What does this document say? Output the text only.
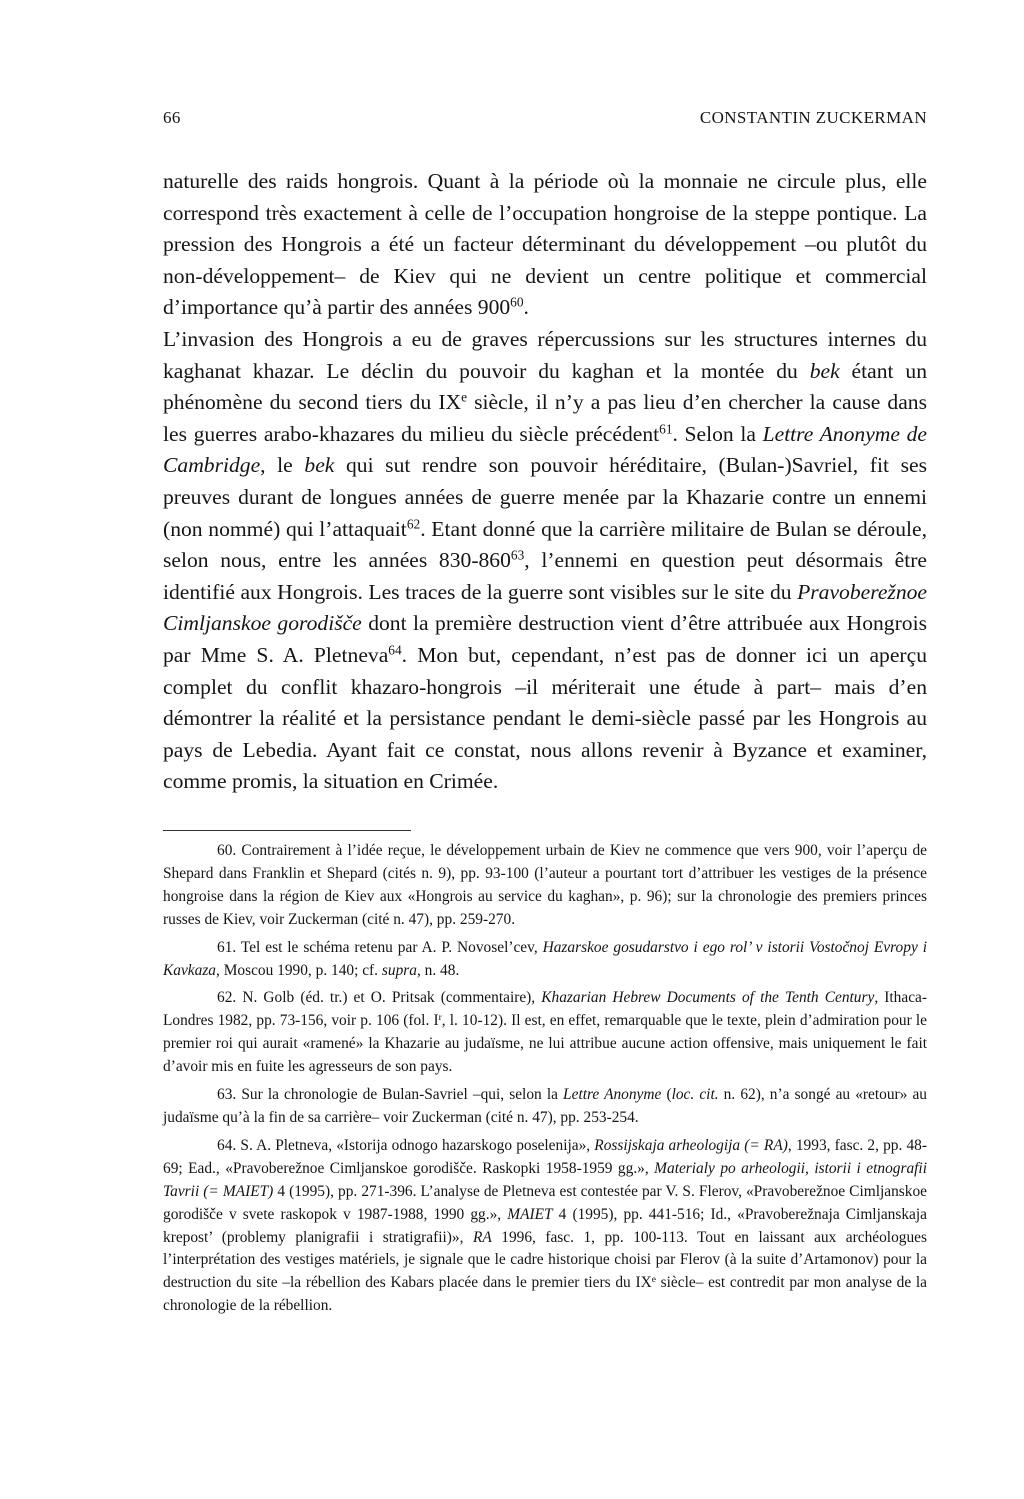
66	CONSTANTIN ZUCKERMAN

naturelle des raids hongrois. Quant à la période où la monnaie ne circule plus, elle correspond très exactement à celle de l’occupation hongroise de la steppe pontique. La pression des Hongrois a été un facteur déterminant du développement –ou plutôt du non-développement– de Kiev qui ne devient un centre politique et commercial d’importance qu’à partir des années $900^{60}$.

L’invasion des Hongrois a eu de graves répercussions sur les structures internes du kaghanat khazar. Le déclin du pouvoir du kaghan et la montée du bek étant un phénomène du second tiers du IXe siècle, il n’y a pas lieu d’en chercher la cause dans les guerres arabo-khazares du milieu du siècle précédent$^{61}$. Selon la Lettre Anonyme de Cambridge, le bek qui sut rendre son pouvoir héréditaire, (Bulan-)Savriel, fit ses preuves durant de longues années de guerre menée par la Khazarie contre un ennemi (non nommé) qui l’attaquait$^{62}$. Etant donné que la carrière militaire de Bulan se déroule, selon nous, entre les années $830-860^{63}$, l’ennemi en question peut désormais être identifié aux Hongrois. Les traces de la guerre sont visibles sur le site du Pravoberežnoe Cimljanskoe gorodišče dont la première destruction vient d’être attribuée aux Hongrois par Mme S. A. Pletneva$^{64}$. Mon but, cependant, n’est pas de donner ici un aperçu complet du conflit khazaro-hongrois –il mériterait une étude à part– mais d’en démontrer la réalité et la persistance pendant le demi-siècle passé par les Hongrois au pays de Lebedia. Ayant fait ce constat, nous allons revenir à Byzance et examiner, comme promis, la situation en Crimée.

60. Contrairement à l’idée reçue, le développement urbain de Kiev ne commence que vers 900, voir l’aperçu de Shepard dans Franklin et Shepard (cités n. 9), pp. 93-100 (l’auteur a pourtant tort d’attribuer les vestiges de la présence hongroise dans la région de Kiev aux «Hongrois au service du kaghan», p. 96); sur la chronologie des premiers princes russes de Kiev, voir Zuckerman (cité n. 47), pp. 259-270.

61. Tel est le schéma retenu par A. P. Novosel’cev, Hazarskoe gosudarstvo i ego rol’ v istorii Vostočnoj Evropy i Kavkaza, Moscou 1990, p. 140; cf. supra, n. 48.

62. N. Golb (éd. tr.) et O. Pritsak (commentaire), Khazarian Hebrew Documents of the Tenth Century, Ithaca-Londres 1982, pp. 73-156, voir p. 106 (fol. $I^r$, l. 10-12). Il est, en effet, remarquable que le texte, plein d’admiration pour le premier roi qui aurait «ramené» la Khazarie au judaïsme, ne lui attribue aucune action offensive, mais uniquement le fait d’avoir mis en fuite les agresseurs de son pays.

63. Sur la chronologie de Bulan-Savriel –qui, selon la Lettre Anonyme (loc. cit. n. 62), n’a songé au «retour» au judaïsme qu’à la fin de sa carrière– voir Zuckerman (cité n. 47), pp. 253-254.

64. S. A. Pletneva, «Istorija odnogo hazarskogo poselenija», Rossijskaja arheologija (= RA), 1993, fasc. 2, pp. 48-69; Ead., «Pravoberežnoe Cimljanskoe gorodišče. Raskopki 1958-1959 gg.», Materialy po arheologii, istorii i etnografii Tavrii (= MAIET) 4 (1995), pp. 271-396. L’analyse de Pletneva est contestée par V. S. Flerov, «Pravoberežnoe Cimljanskoe gorodišče v svete raskopok v 1987-1988, 1990 gg.», MAIET 4 (1995), pp. 441-516; Id., «Pravoberežnaja Cimljanskaja krepost’ (problemy planigrafii i stratigrafii)», RA 1996, fasc. 1, pp. 100-113. Tout en laissant aux archéologues l’interprétation des vestiges matériels, je signale que le cadre historique choisi par Flerov (à la suite d’Artamonov) pour la destruction du site –la rébellion des Kabars placée dans le premier tiers du IXe siècle– est contredit par mon analyse de la chronologie de la rébellion.
